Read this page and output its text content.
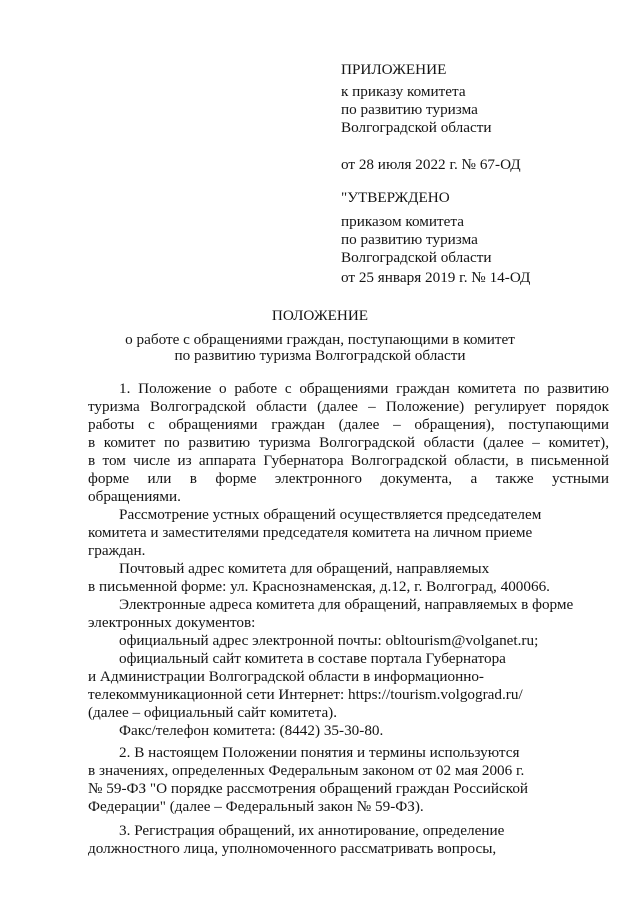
ПРИЛОЖЕНИЕ
к приказу комитета
по развитию туризма
Волгоградской области
от 28 июля 2022 г. № 67-ОД
"УТВЕРЖДЕНО
приказом комитета
по развитию туризма
Волгоградской области
от 25 января 2019 г. № 14-ОД
ПОЛОЖЕНИЕ
о работе с обращениями граждан, поступающими в комитет
по развитию туризма Волгоградской области
1. Положение о работе с обращениями граждан комитета по развитию
туризма Волгоградской области (далее – Положение) регулирует порядок
работы с обращениями граждан (далее – обращения), поступающими
в комитет по развитию туризма Волгоградской области (далее – комитет),
в том числе из аппарата Губернатора Волгоградской области, в письменной
форме или в форме электронного документа, а также устными
обращениями.
Рассмотрение устных обращений осуществляется председателем
комитета и заместителями председателя комитета на личном приеме
граждан.
Почтовый адрес комитета для обращений, направляемых
в письменной форме: ул. Краснознаменская, д.12, г. Волгоград, 400066.
Электронные адреса комитета для обращений, направляемых в форме
электронных документов:
официальный адрес электронной почты: obltourism@volganet.ru;
официальный сайт комитета в составе портала Губернатора
и Администрации Волгоградской области в информационно-
телекоммуникационной сети Интернет: https://tourism.volgograd.ru/
(далее – официальный сайт комитета).
Факс/телефон комитета: (8442) 35-30-80.
2. В настоящем Положении понятия и термины используются
в значениях, определенных Федеральным законом от 02 мая 2006 г.
№ 59-ФЗ "О порядке рассмотрения обращений граждан Российской
Федерации" (далее – Федеральный закон № 59-ФЗ).
3. Регистрация обращений, их аннотирование, определение
должностного лица, уполномоченного рассматривать вопросы,
